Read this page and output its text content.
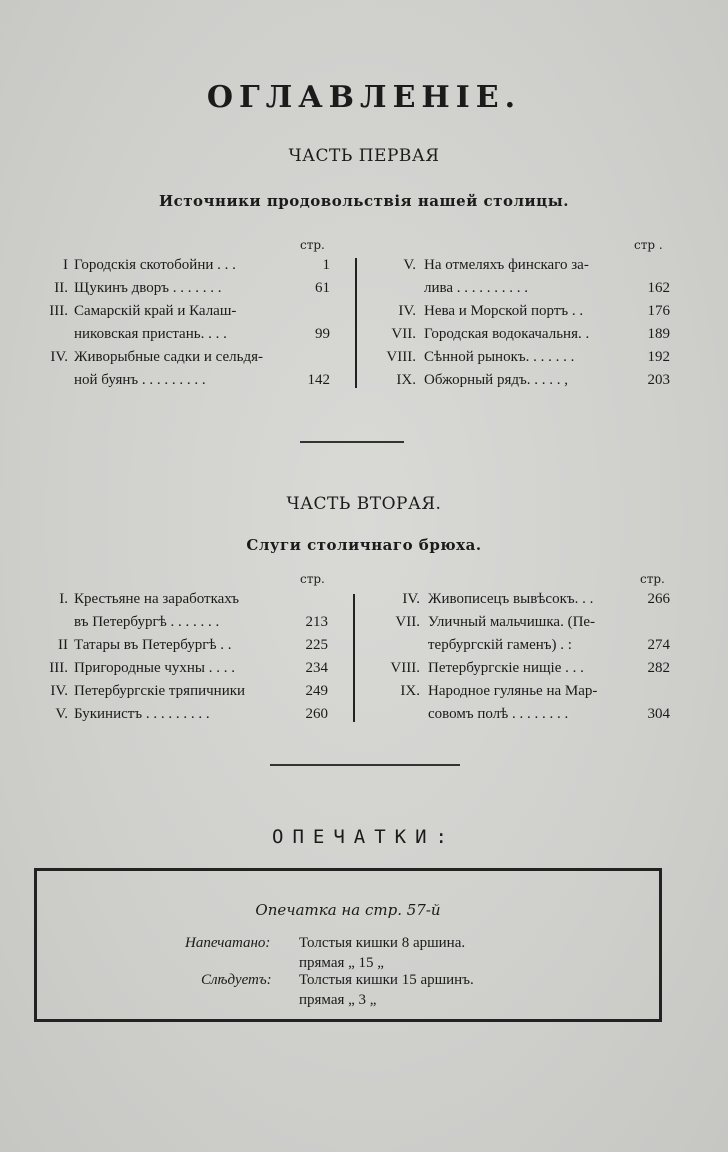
ОГЛАВЛЕНІЕ.
ЧАСТЬ ПЕРВАЯ
Источники продовольствія нашей столицы.
стр.	стр .
I Городскія скотобойни . . .	1
II. Щукинъ дворъ . . . . . . .	61
III. Самарскій край и Калаш-
никовская пристань. . . .	99
IV. Живорыбные садки и сельдя-
ной буянъ . . . . . . . . .	142
V. На отмеляхъ финскаго за-
лива . . . . . . . . . .	162
IV. Нева и Морской портъ . .	176
VII. Городская водокачальня. .	189
VIII. Сѣнной рынокъ. . . . . . .	192
IX. Обжорный рядъ. . . . . ,	203
ЧАСТЬ ВТОРАЯ.
Слуги столичнаго брюха.
стр.	стр.
I. Крестьяне на заработкахъ
въ Петербургѣ . . . . . . .	213
II Татары въ Петербургѣ . .	225
III. Пригородные чухны . . . .	234
IV. Петербургскіе тряпичники	249
V. Букинистъ . . . . . . . . .	260
IV. Живописецъ вывѣсокъ. . .	266
VII. Уличный мальчишка. (Пе-
тербургскій гаменъ) . :	274
VIII. Петербургскіе нищіе . . .	282
IX. Народное гулянье на Мар-
совомъ полѣ . . . . . . . .	304
ОПЕЧАТКИ:
Опечатка на стр. 57-й
Напечатано: Толстыя кишки 8 аршина.
прямая „ 15 „
Слѣдуетъ: Толстыя кишки 15 аршинъ.
прямая „ 3 „
